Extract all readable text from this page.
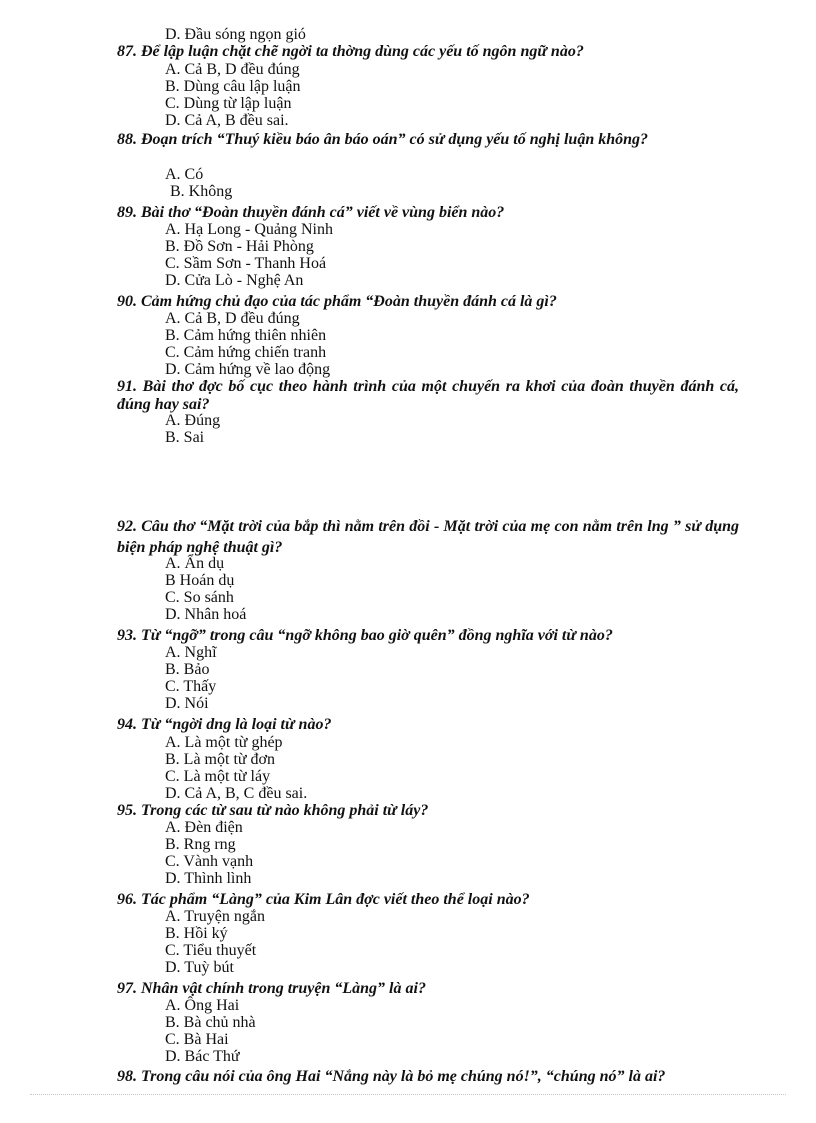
D. Đầu sóng ngọn gió
87. Để lập luận chặt chẽ ngời ta thờng dùng các yếu tố ngôn ngữ nào?
A. Cả B, D đều đúng
B. Dùng câu lập luận
C. Dùng từ lập luận
D. Cả A, B đều sai.
88. Đoạn trích “Thuý kiều báo ân báo oán” có sử dụng yếu tố nghị luận không?
A. Có
B. Không
89. Bài thơ “Đoàn thuyền đánh cá” viết về vùng biển nào?
A. Hạ Long - Quảng Ninh
B. Đồ Sơn - Hải Phòng
C. Sầm Sơn - Thanh Hoá
D. Cửa Lò - Nghệ An
90. Cảm hứng chủ đạo của tác phẩm “Đoàn thuyền đánh cá là gì?
A. Cả B, D đều đúng
B. Cảm hứng thiên nhiên
C. Cảm hứng chiến tranh
D. Cảm hứng về lao động
91. Bài thơ đợc bố cục theo hành trình của một chuyến ra khơi của đoàn thuyền đánh cá, đúng hay sai?
A. Đúng
B. Sai
92. Câu thơ “Mặt trời của bắp thì nằm trên đồi - Mặt trời của mẹ con nằm trên lng ” sử dụng biện pháp nghệ thuật gì?
A. Ẩn dụ
B Hoán dụ
C. So sánh
D. Nhân hoá
93. Từ “ngỡ” trong câu “ngỡ không bao giờ quên” đồng nghĩa với từ nào?
A. Nghĩ
B. Bảo
C. Thấy
D. Nói
94. Từ “ngời dng là loại từ nào?
A. Là một từ ghép
B. Là một từ đơn
C. Là một từ láy
D. Cả A, B, C đều sai.
95. Trong các từ sau từ nào không phải từ láy?
A. Đèn điện
B. Rng rng
C. Vành vạnh
D. Thình lình
96. Tác phẩm “Làng” của Kim Lân đợc viết theo thể loại nào?
A. Truyện ngắn
B. Hồi ký
C. Tiểu thuyết
D. Tuỳ bút
97. Nhân vật chính trong truyện “Làng” là ai?
A. Ông Hai
B. Bà chủ nhà
C. Bà Hai
D. Bác Thứ
98. Trong câu nói của ông Hai “Nắng này là bỏ mẹ chúng nó!”, “chúng nó” là ai?
